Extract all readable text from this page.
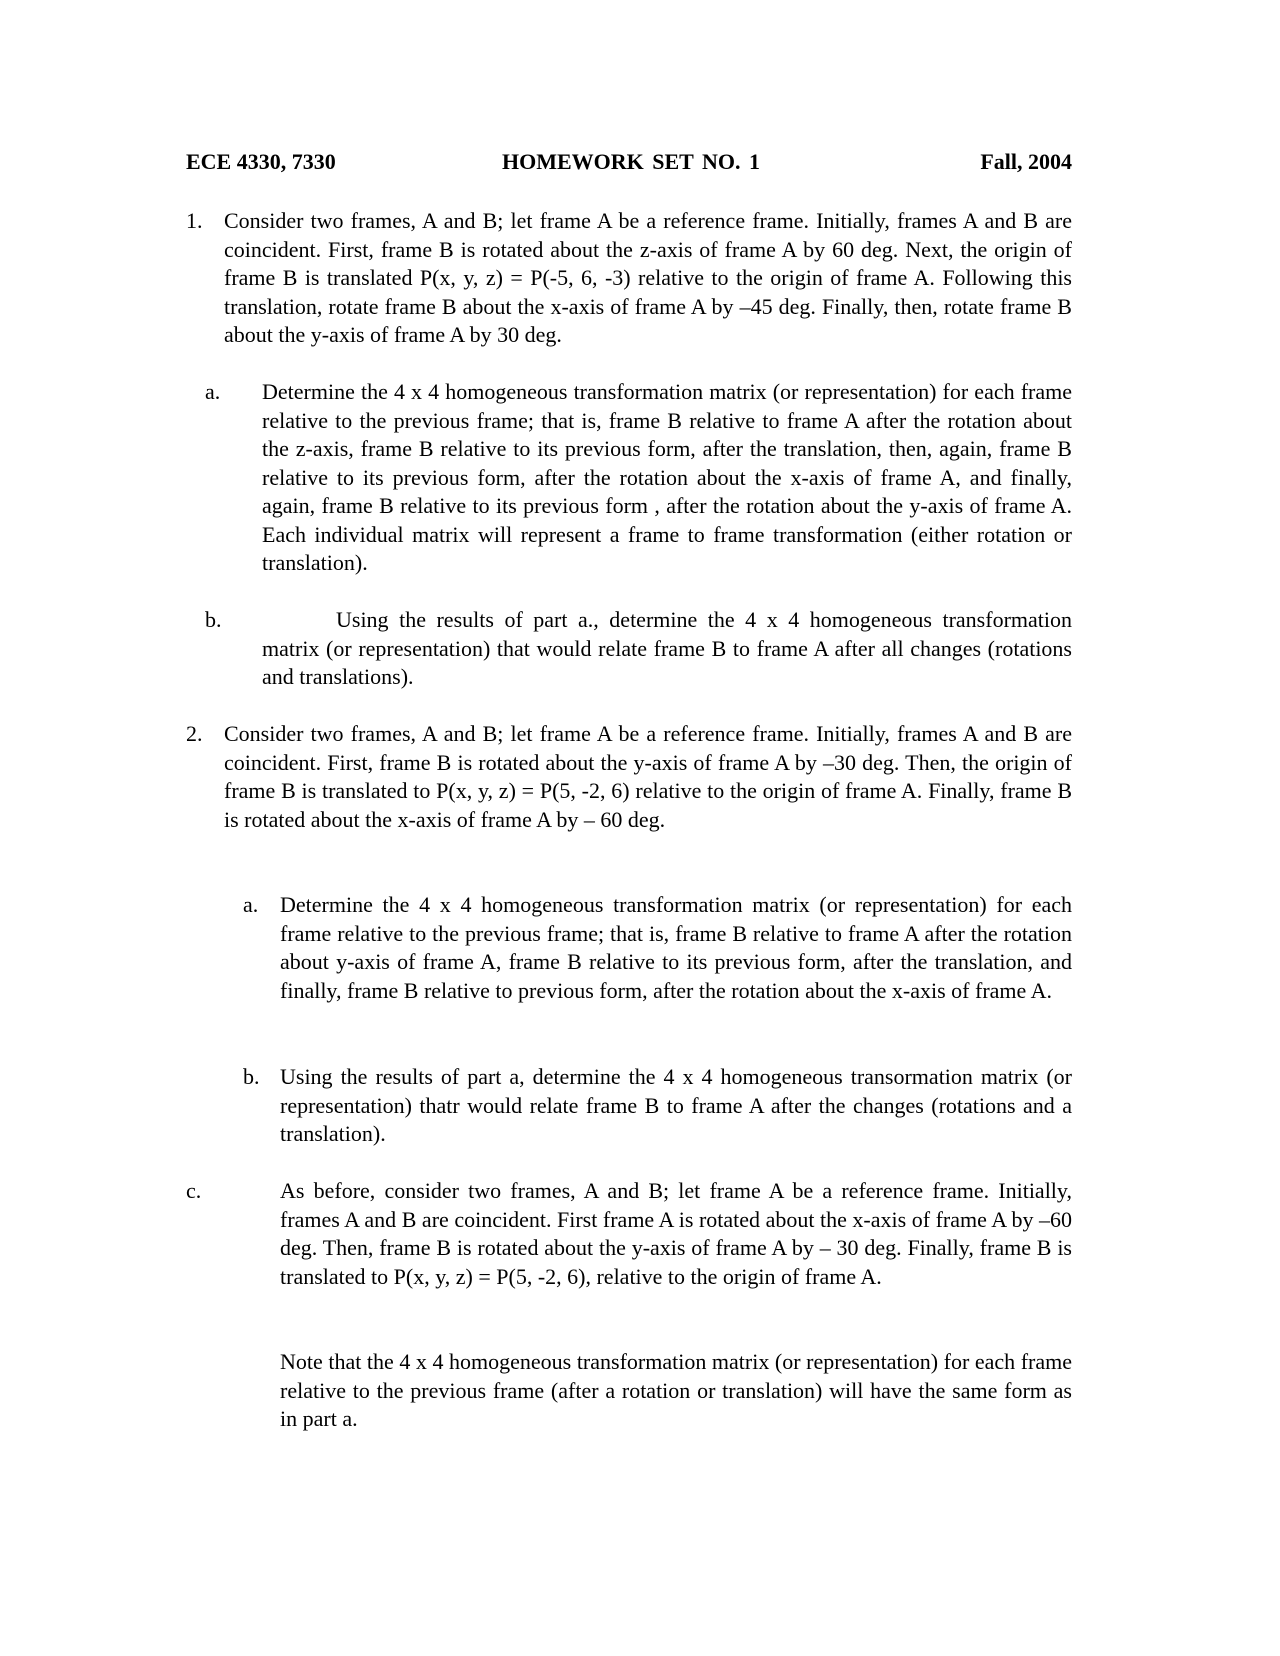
ECE 4330, 7330	HOMEWORK SET NO. 1	Fall, 2004
1. Consider two frames, A and B; let frame A be a reference frame. Initially, frames A and B are coincident. First, frame B is rotated about the z-axis of frame A by 60 deg. Next, the origin of frame B is translated P(x, y, z) = P(-5, 6, -3) relative to the origin of frame A. Following this translation, rotate frame B about the x-axis of frame A by –45 deg. Finally, then, rotate frame B about the y-axis of frame A by 30 deg.
a. Determine the 4 x 4 homogeneous transformation matrix (or representation) for each frame relative to the previous frame; that is, frame B relative to frame A after the rotation about the z-axis, frame B relative to its previous form, after the translation, then, again, frame B relative to its previous form, after the rotation about the x-axis of frame A, and finally, again, frame B relative to its previous form , after the rotation about the y-axis of frame A. Each individual matrix will represent a frame to frame transformation (either rotation or translation).
b.	Using the results of part a., determine the 4 x 4 homogeneous transformation matrix (or representation) that would relate frame B to frame A after all changes (rotations and translations).
2. Consider two frames, A and B; let frame A be a reference frame. Initially, frames A and B are coincident. First, frame B is rotated about the y-axis of frame A by –30 deg. Then, the origin of frame B is translated to P(x, y, z) = P(5, -2, 6) relative to the origin of frame A. Finally, frame B is rotated about the x-axis of frame A by – 60 deg.
a. Determine the 4 x 4 homogeneous transformation matrix (or representation) for each frame relative to the previous frame; that is, frame B relative to frame A after the rotation about y-axis of frame A, frame B relative to its previous form, after the translation, and finally, frame B relative to previous form, after the rotation about the x-axis of frame A.
b. Using the results of part a, determine the 4 x 4 homogeneous transormation matrix (or representation) thatr would relate frame B to frame A after the changes (rotations and a translation).
c.	As before, consider two frames, A and B; let frame A be a reference frame. Initially, frames A and B are coincident. First frame A is rotated about the x-axis of frame A by –60 deg. Then, frame B is rotated about the y-axis of frame A by – 30 deg. Finally, frame B is translated to P(x, y, z) = P(5, -2, 6), relative to the origin of frame A.
Note that the 4 x 4 homogeneous transformation matrix (or representation) for each frame relative to the previous frame (after a rotation or translation) will have the same form as in part a.
